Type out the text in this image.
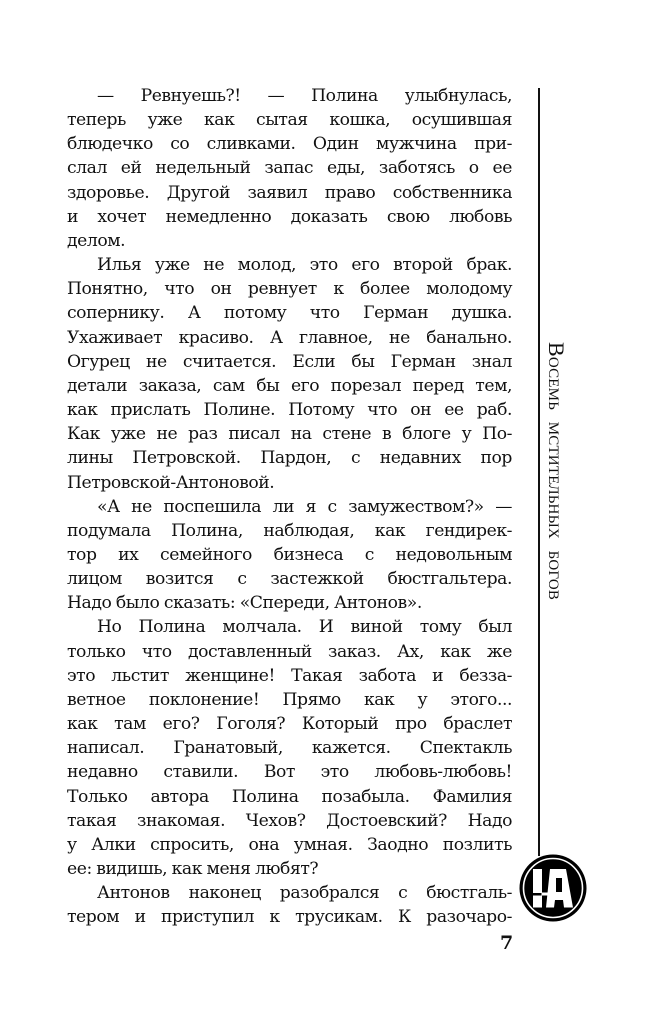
— Ревнуешь?! — Полина улыбнулась,
теперь уже как сытая кошка, осушившая
блюдечко со сливками. Один мужчина при-
слал ей недельный запас еды, заботясь о ее
здоровье. Другой заявил право собственника
и хочет немедленно доказать свою любовь
делом.
Илья уже не молод, это его второй брак.
Понятно, что он ревнует к более молодому
сопернику. А потому что Герман душка.
Ухаживает красиво. А главное, не банально.
Огурец не считается. Если бы Герман знал
детали заказа, сам бы его порезал перед тем,
как прислать Полине. Потому что он ее раб.
Как уже не раз писал на стене в блоге у По-
лины Петровской. Пардон, с недавних пор
Петровской-Антоновой.
«А не поспешила ли я с замужеством?» —
подумала Полина, наблюдая, как гендирек-
тор их семейного бизнеса с недовольным
лицом возится с застежкой бюстгальтера.
Надо было сказать: «Спереди, Антонов».
Но Полина молчала. И виной тому был
только что доставленный заказ. Ах, как же
это льстит женщине! Такая забота и безза-
ветное поклонение! Прямо как у этого...
как там его? Гоголя? Который про браслет
написал. Гранатовый, кажется. Спектакль
недавно ставили. Вот это любовь-любовь!
Только автора Полина позабыла. Фамилия
такая знакомая. Чехов? Достоевский? Надо
у Алки спросить, она умная. Заодно позлить
ее: видишь, как меня любят?
Антонов наконец разобрался с бюстгаль-
тером и приступил к трусикам. К разочаро-
Восемь мстительных богов
7
